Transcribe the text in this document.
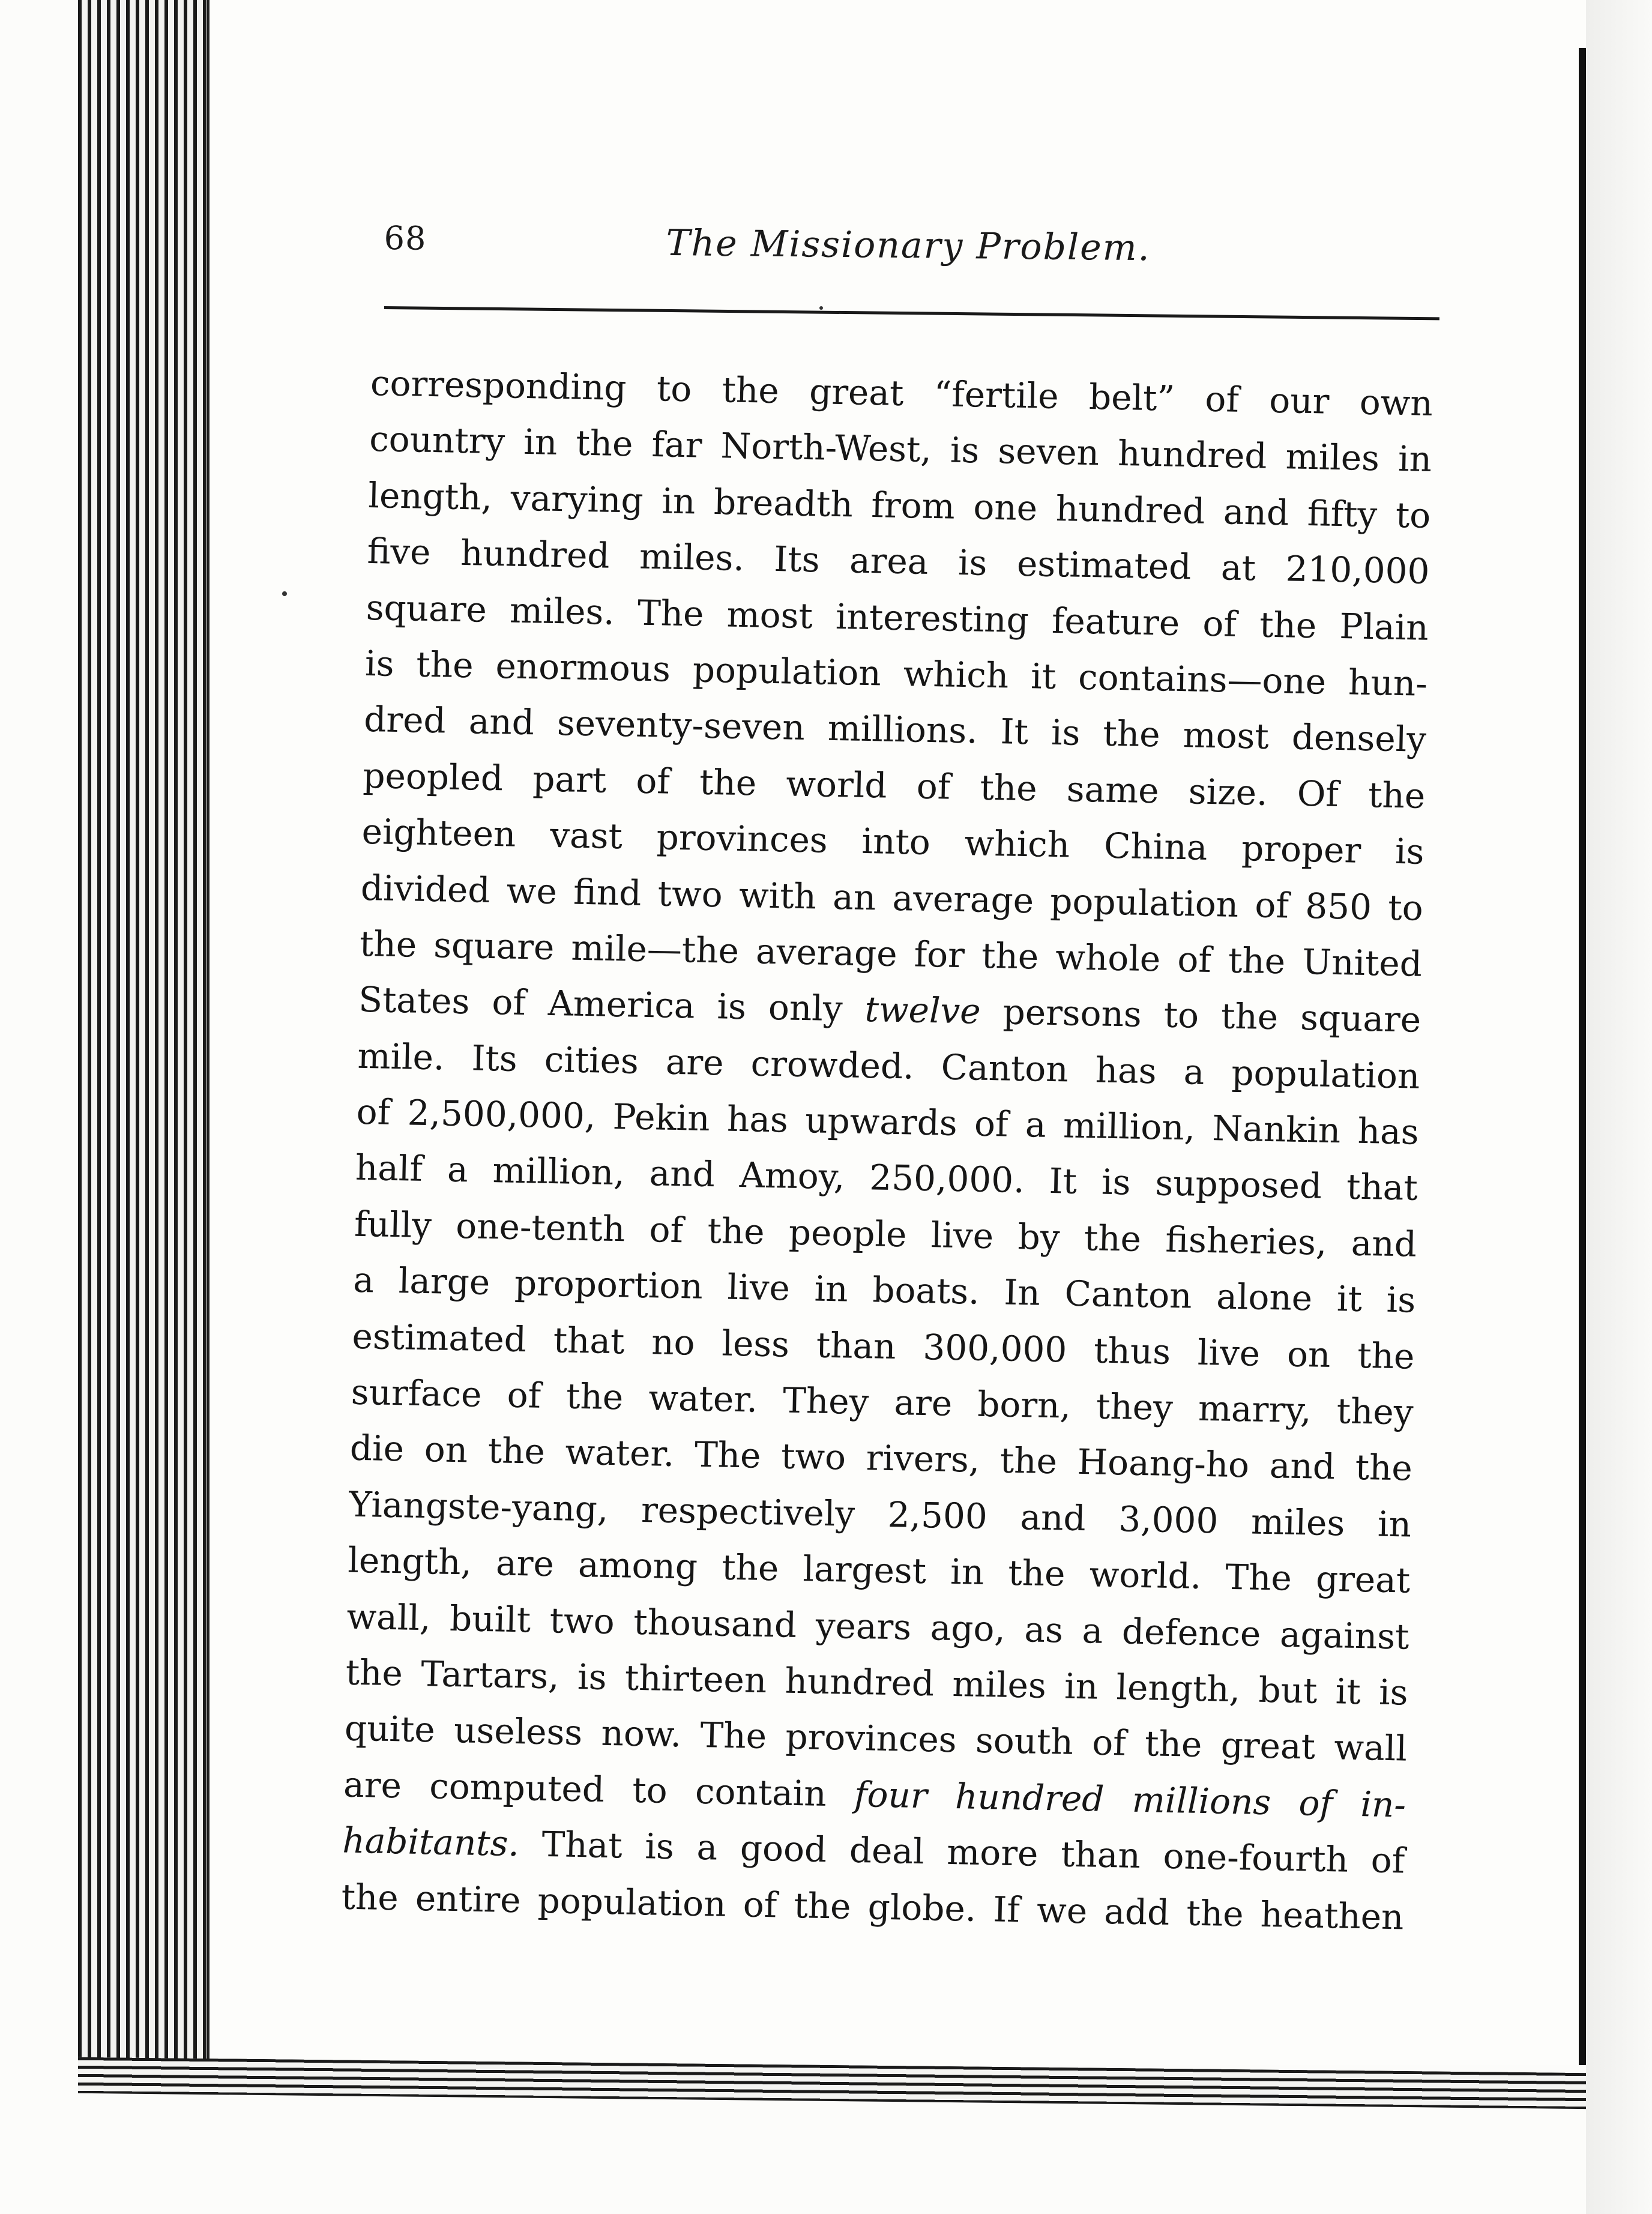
68	The Missionary Problem.
corresponding to the great “fertile belt” of our own
country in the far North-West, is seven hundred miles in
length, varying in breadth from one hundred and fifty to
five hundred miles. Its area is estimated at 210,000
square miles. The most interesting feature of the Plain
is the enormous population which it contains—one hun-
dred and seventy-seven millions. It is the most densely
peopled part of the world of the same size. Of the
eighteen vast provinces into which China proper is
divided we find two with an average population of 850 to
the square mile—the average for the whole of the United
States of America is only twelve persons to the square
mile. Its cities are crowded. Canton has a population
of 2,500,000, Pekin has upwards of a million, Nankin has
half a million, and Amoy, 250,000. It is supposed that
fully one-tenth of the people live by the fisheries, and
a large proportion live in boats. In Canton alone it is
estimated that no less than 300,000 thus live on the
surface of the water. They are born, they marry, they
die on the water. The two rivers, the Hoang-ho and the
Yiangste-yang, respectively 2,500 and 3,000 miles in
length, are among the largest in the world. The great
wall, built two thousand years ago, as a defence against
the Tartars, is thirteen hundred miles in length, but it is
quite useless now. The provinces south of the great wall
are computed to contain four hundred millions of in-
habitants. That is a good deal more than one-fourth of
the entire population of the globe. If we add the heathen
